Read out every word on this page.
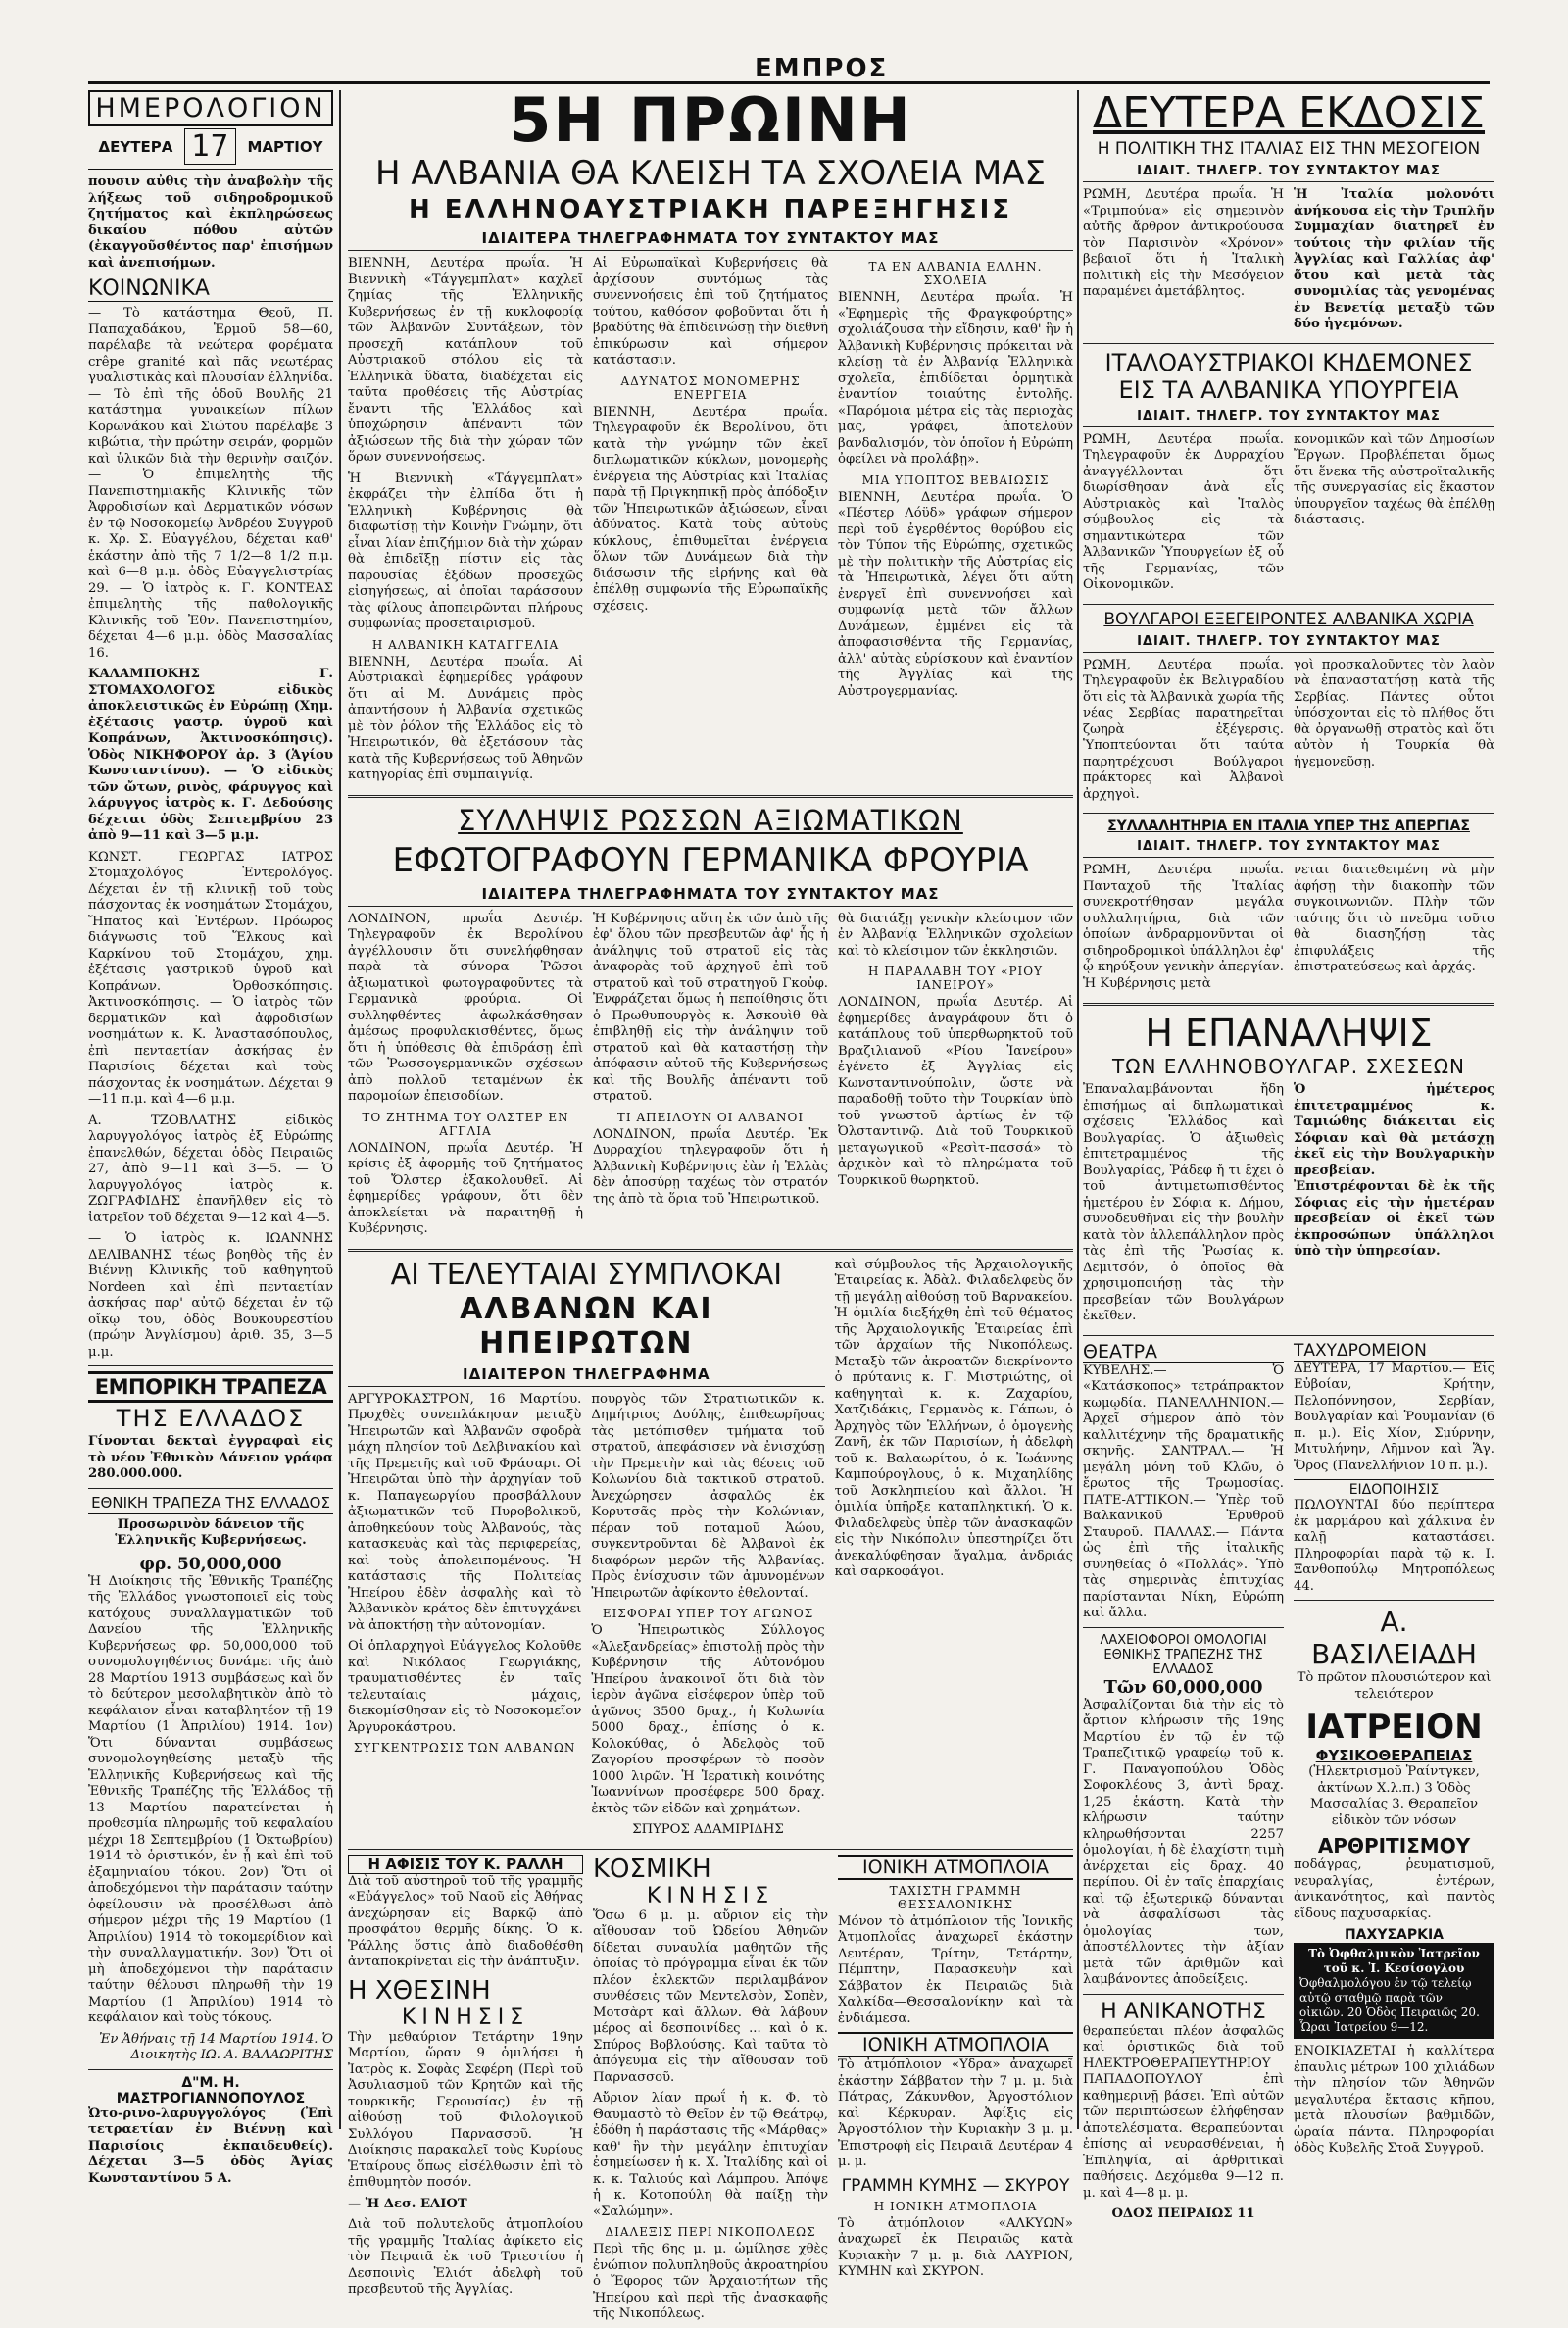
ΕΜΠΡΟΣ
ΗΜΕΡΟΛΟΓΙΟΝ
ΔΕΥΤΕΡΑ 17	ΜΑΡΤΙΟΥ
πουσιν αὐθις τὴν ἀναβολὴν τῆς λήξεως τοῦ σιδηροδρομικοῦ ζητήματος καὶ ἐκπληρώσεως δικαίου πόθου αὐτῶν (ἐκαγγοῦσθέντος παρ' ἐπισήμων καὶ ἀνεπισήμων.
ΚΟΙΝΩΝΙΚΑ
— Τὸ κατάστημα Θεοῦ, Π. Παπαχαδάκου, Ἑρμοῦ 58—60, παρέλαβε τὰ νεώτερα φορέματα crêpe granité καὶ πᾶς νεωτέρας γυαλιστικὰς καὶ πλουσίαν ἐλληνίδα. — Τὸ ἐπὶ τῆς ὁδοῦ Βουλῆς 21 κατάστημα γυναικείων πίλων Κορωνάκου καὶ Σιώτου παρέλαβε 3 κιβώτια, τὴν πρώτην σειράν, φορμῶν καὶ ὑλικῶν διὰ τὴν θερινὴν σαιζόν. — Ὁ ἐπιμελητὴς τῆς Πανεπιστημιακῆς Κλινικῆς τῶν Ἀφροδισίων καὶ Δερματικῶν νόσων ἐν τῷ Νοσοκομείῳ Ἀνδρέου Συγγροῦ κ. Χρ. Σ. Εὐαγγέλου, δέχεται καθ' ἑκάστην ἀπὸ τῆς 7 1/2—8 1/2 π.μ. καὶ 6—8 μ.μ. ὁδὸς Εὐαγγελιστρίας 29. — Ὁ ἰατρὸς κ. Γ. ΚΟΝΤΕΑΣ ἐπιμελητὴς τῆς παθολογικῆς Κλινικῆς τοῦ Ἐθν. Πανεπιστημίου, δέχεται 4—6 μ.μ. ὁδὸς Μασσαλίας 16.
ΚΑΛΑΜΠΟΚΗΣ Γ. ΣΤΟΜΑΧΟΛΟΓΟΣ εἰδικὸς ἀποκλειστικῶς ἐν Εὐρώπῃ (Χημ. ἐξέτασις γαστρ. ὑγροῦ καὶ Κοπράνων, Ἀκτινοσκόπησις). Ὁδὸς ΝΙΚΗΦΟΡΟΥ ἀρ. 3 (Ἁγίου Κωνσταντίνου). — Ὁ εἰδικὸς τῶν ὤτων, ρινὸς, φάρυγγος καὶ λάρυγγος ἰατρὸς κ. Γ. Δεδούσης δέχεται ὁδὸς Σεπτεμβρίου 23 ἀπὸ 9—11 καὶ 3—5 μ.μ.
ΚΩΝΣΤ. ΓΕΩΡΓΑΣ ΙΑΤΡΟΣ Στομαχολόγος Ἐντερολόγος. Δέχεται ἐν τῇ κλινικῇ τοῦ τοὺς πάσχοντας ἐκ νοσημάτων Στομάχου, Ἥπατος καὶ Ἐντέρων. Πρόωρος διάγνωσις τοῦ Ἕλκους καὶ Καρκίνου τοῦ Στομάχου, χημ. ἐξέτασις γαστρικοῦ ὑγροῦ καὶ Κοπράνων. Ὀρθοσκόπησις. Ἀκτινοσκόπησις. — Ὁ ἰατρὸς τῶν δερματικῶν καὶ ἀφροδισίων νοσημάτων κ. Κ. Ἀναστασόπουλος, ἐπὶ πενταετίαν ἀσκήσας ἐν Παρισίοις δέχεται καὶ τοὺς πάσχοντας ἐκ νοσημάτων. Δέχεται 9—11 π.μ. καὶ 4—6 μ.μ.
Α. ΤΖΟΒΛΑΤΗΣ εἰδικὸς λαρυγγολόγος ἰατρὸς ἐξ Εὐρώπης ἐπανελθών, δέχεται ὁδὸς Πειραιῶς 27, ἀπὸ 9—11 καὶ 3—5. — Ὁ λαρυγγολόγος ἰατρὸς κ. ΖΩΓΡΑΦΙΔΗΣ ἐπανῆλθεν εἰς τὸ ἰατρεῖον τοῦ δέχεται 9—12 καὶ 4—5.
— Ὁ ἰατρὸς κ. ΙΩΑΝΝΗΣ ΔΕΛΙΒΑΝΗΣ τέως βοηθὸς τῆς ἐν Βιέννῃ Κλινικῆς τοῦ καθηγητοῦ Nordeen καὶ ἐπὶ πενταετίαν ἀσκήσας παρ' αὐτῷ δέχεται ἐν τῷ οἴκῳ του, ὁδὸς Βουκουρεστίου (πρώην Ἀνγλίσμου) ἀριθ. 35, 3—5 μ.μ.
ΕΜΠΟΡΙΚΗ ΤΡΑΠΕΖΑ
ΤΗΣ ΕΛΛΑΔΟΣ
Γίνονται δεκταὶ ἐγγραφαὶ εἰς τὸ νέον Ἐθνικὸν Δάνειον γράφα 280.000.000.
ΕΘΝΙΚΗ ΤΡΑΠΕΖΑ ΤΗΣ ΕΛΛΑΔΟΣ
Προσωρινὸν δάνειον τῆς Ἑλληνικῆς Κυβερνήσεως.
φρ. 50,000,000
Ἡ Διοίκησις τῆς Ἐθνικῆς Τραπέζης τῆς Ἑλλάδος γνωστοποιεῖ εἰς τοὺς κατόχους συναλλαγματικῶν τοῦ Δανείου τῆς Ἑλληνικῆς Κυβερνήσεως φρ. 50,000,000 τοῦ συνομολογηθέντος δυνάμει τῆς ἀπὸ 28 Μαρτίου 1913 συμβάσεως καὶ ὅν τὸ δεύτερον μεσολαβητικὸν ἀπὸ τὸ κεφάλαιον εἶναι καταβλητέον τῇ 19 Μαρτίου (1 Ἀπριλίου) 1914. 1ον) Ὅτι δύνανται συμβάσεως συνομολογηθείσης μεταξὺ τῆς Ἑλληνικῆς Κυβερνήσεως καὶ τῆς Ἐθνικῆς Τραπέζης τῆς Ἑλλάδος τῇ 13 Μαρτίου παρατείνεται ἡ προθεσμία πληρωμῆς τοῦ κεφαλαίου μέχρι 18 Σεπτεμβρίου (1 Ὀκτωβρίου) 1914 τὸ ὁριστικόν, ἐν ᾗ καὶ ἐπὶ τοῦ ἐξαμηνιαίου τόκου. 2ον) Ὅτι οἱ ἀποδεχόμενοι τὴν παράτασιν ταύτην ὀφείλουσιν νὰ προσέλθωσι ἀπὸ σήμερον μέχρι τῆς 19 Μαρτίου (1 Ἀπριλίου) 1914 τὸ τοκομερίδιον καὶ τὴν συναλλαγματικήν. 3ον) Ὅτι οἱ μὴ ἀποδεχόμενοι τὴν παράτασιν ταύτην θέλουσι πληρωθῆ τὴν 19 Μαρτίου (1 Ἀπριλίου) 1914 τὸ κεφάλαιον καὶ τοὺς τόκους.
Ἐν Ἀθήναις τῇ 14 Μαρτίου 1914. Ὁ Διοικητὴς ΙΩ. Α. ΒΑΛΑΩΡΙΤΗΣ
Δ"Μ. Η. ΜΑΣΤΡΟΓΙΑΝΝΟΠΟΥΛΟΣ
Ὠτο-ρινο-λαρυγγολόγος (Ἐπὶ τετραετίαν ἐν Βιέννῃ καὶ Παρισίοις ἐκπαιδευθείς). Δέχεται 3—5 ὁδὸς Ἀγίας Κωνσταντίνου 5 Α.
5Η ΠΡΩΙΝΗ
Η ΑΛΒΑΝΙΑ ΘΑ ΚΛΕΙΣΗ ΤΑ ΣΧΟΛΕΙΑ ΜΑΣ
Η ΕΛΛΗΝΟΑΥΣΤΡΙΑΚΗ ΠΑΡΕΞΗΓΗΣΙΣ
ΙΔΙΑΙΤΕΡΑ ΤΗΛΕΓΡΑΦΗΜΑΤΑ ΤΟΥ ΣΥΝΤΑΚΤΟΥ ΜΑΣ
ΒΙΕΝΝΗ, Δευτέρα πρωΐα. Ἡ Βιεννικὴ «Τάγγεμπλατ» καχλεῖ ζημίας τῆς Ἑλληνικῆς Κυβερνήσεως ἐν τῇ κυκλοφορίᾳ τῶν Ἀλβανῶν Συντάξεων, τὸν προσεχῆ κατάπλουν τοῦ Αὐστριακοῦ στόλου εἰς τὰ Ἑλληνικὰ ὕδατα, διαδέχεται εἰς ταῦτα προθέσεις τῆς Αὐστρίας ἔναντι τῆς Ἑλλάδος καὶ ὑποχώρησιν ἀπέναντι τῶν ἀξιώσεων τῆς διὰ τὴν χώραν τῶν ὅρων συνεννοήσεως.
Ἡ Βιεννικὴ «Τάγγεμπλατ» ἐκφράζει τὴν ἐλπίδα ὅτι ἡ Ἑλληνικὴ Κυβέρνησις θὰ διαφωτίσῃ τὴν Κοινὴν Γνώμην, ὅτι εἶναι λίαν ἐπιζήμιον διὰ τὴν χώραν θὰ ἐπιδεῖξῃ πίστιν εἰς τὰς παρουσίας ἐξόδων προσεχῶς εἰσηγήσεως, αἱ ὁποῖαι ταράσσουν τὰς φίλους ἀποπειρῶνται πλήρους συμφωνίας προσεταιρισμοῦ.
Η ΑΛΒΑΝΙΚΗ ΚΑΤΑΓΓΕΛΙΑ
ΒΙΕΝΝΗ, Δευτέρα πρωΐα. Αἱ Αὐστριακαὶ ἐφημερίδες γράφουν ὅτι αἱ Μ. Δυνάμεις πρὸς ἀπαντήσουν ἡ Ἀλβανία σχετικῶς μὲ τὸν ῥόλον τῆς Ἑλλάδος εἰς τὸ Ἠπειρωτικόν, θὰ ἐξετάσουν τὰς κατὰ τῆς Κυβερνήσεως τοῦ Ἀθηνῶν κατηγορίας ἐπὶ συμπαιγνίᾳ.
Αἱ Εὐρωπαϊκαὶ Κυβερνήσεις θὰ ἀρχίσουν συντόμως τὰς συνεννοήσεις ἐπὶ τοῦ ζητήματος τούτου, καθόσον φοβοῦνται ὅτι ἡ βραδύτης θὰ ἐπιδεινώσῃ τὴν διεθνῆ ἐπικύρωσιν καὶ σήμερον κατάστασιν.
ΑΔΥΝΑΤΟΣ ΜΟΝΟΜΕΡΗΣ ΕΝΕΡΓΕΙΑ
ΒΙΕΝΝΗ, Δευτέρα πρωΐα. Τηλεγραφοῦν ἐκ Βερολίνου, ὅτι κατὰ τὴν γνώμην τῶν ἐκεῖ διπλωματικῶν κύκλων, μονομερὴς ἐνέργεια τῆς Αὐστρίας καὶ Ἰταλίας παρὰ τῇ Πριγκηπικῇ πρὸς ἀπόδοξιν τῶν Ἠπειρωτικῶν ἀξιώσεων, εἶναι ἀδύνατος. Κατὰ τοὺς αὐτοὺς κύκλους, ἐπιθυμεῖται ἐνέργεια ὅλων τῶν Δυνάμεων διὰ τὴν διάσωσιν τῆς εἰρήνης καὶ θὰ ἐπέλθῃ συμφωνία τῆς Εὐρωπαϊκῆς σχέσεις.
ΤΑ ΕΝ ΑΛΒΑΝΙΑ ΕΛΛΗΝ. ΣΧΟΛΕΙΑ
ΒΙΕΝΝΗ, Δευτέρα πρωΐα. Ἡ «Ἐφημερὶς τῆς Φραγκφούρτης» σχολιάζουσα τὴν εἴδησιν, καθ' ἣν ἡ Ἀλβανικὴ Κυβέρνησις πρόκειται νὰ κλείσῃ τὰ ἐν Ἀλβανίᾳ Ἑλληνικὰ σχολεῖα, ἐπιδίδεται ὁρμητικὰ ἐναντίον τοιαύτης ἐντολῆς. «Παρόμοια μέτρα εἰς τὰς περιοχὰς μας, γράφει, ἀποτελοῦν βανδαλισμόν, τὸν ὁποῖον ἡ Εὐρώπη ὀφείλει νὰ προλάβῃ».
ΜΙΑ ΥΠΟΠΤΟΣ ΒΕΒΑΙΩΣΙΣ
ΒΙΕΝΝΗ, Δευτέρα πρωΐα. Ὁ «Πέστερ Λόϋδ» γράφων σήμερον περὶ τοῦ ἐγερθέντος θορύβου εἰς τὸν Τύπον τῆς Εὐρώπης, σχετικῶς μὲ τὴν πολιτικὴν τῆς Αὐστρίας εἰς τὰ Ἠπειρωτικὰ, λέγει ὅτι αὕτη ἐνεργεῖ ἐπὶ συνεννοήσει καὶ συμφωνίᾳ μετὰ τῶν ἄλλων Δυνάμεων, ἐμμένει εἰς τὰ ἀποφασισθέντα τῆς Γερμανίας, ἀλλ' αὐτὰς εὑρίσκουν καὶ ἐναντίον τῆς Ἀγγλίας καὶ τῆς Αὐστρογερμανίας.
ΣΥΛΛΗΨΙΣ ΡΩΣΣΩΝ ΑΞΙΩΜΑΤΙΚΩΝ
ΕΦΩΤΟΓΡΑΦΟΥΝ ΓΕΡΜΑΝΙΚΑ ΦΡΟΥΡΙΑ
ΙΔΙΑΙΤΕΡΑ ΤΗΛΕΓΡΑΦΗΜΑΤΑ ΤΟΥ ΣΥΝΤΑΚΤΟΥ ΜΑΣ
ΛΟΝΔΙΝΟΝ, πρωΐα Δευτέρ. Τηλεγραφοῦν ἐκ Βερολίνου ἀγγέλλουσιν ὅτι συνελήφθησαν παρὰ τὰ σύνορα Ῥῶσοι ἀξιωματικοὶ φωτογραφοῦντες τὰ Γερμανικὰ φρούρια. Οἱ συλληφθέντες ἀφωλκάσθησαν ἀμέσως προφυλακισθέντες, ὅμως ὅτι ἡ ὑπόθεσις θὰ ἐπιδράσῃ ἐπὶ τῶν Ῥωσσογερμανικῶν σχέσεων ἀπὸ πολλοῦ τεταμένων ἐκ παρομοίων ἐπεισοδίων.
ΤΟ ΖΗΤΗΜΑ ΤΟΥ ΟΛΣΤΕΡ ΕΝ ΑΓΓΛΙΑ
ΛΟΝΔΙΝΟΝ, πρωΐα Δευτέρ. Ἡ κρίσις ἐξ ἀφορμῆς τοῦ ζητήματος τοῦ Ὄλστερ ἐξακολουθεῖ. Αἱ ἐφημερίδες γράφουν, ὅτι δὲν ἀποκλείεται νὰ παραιτηθῇ ἡ Κυβέρνησις.
Ἡ Κυβέρνησις αὕτη ἐκ τῶν ἀπὸ τῆς ἐφ' ὅλου τῶν πρεσβευτῶν ἀφ' ἧς ἡ ἀνάληψις τοῦ στρατοῦ εἰς τὰς ἀναφορὰς τοῦ ἀρχηγοῦ ἐπὶ τοῦ στρατοῦ καὶ τοῦ στρατηγοῦ Γκοὐφ. Ἐνφράζεται ὅμως ἡ πεποίθησις ὅτι ὁ Πρωθυπουργὸς κ. Ἀσκουὶθ θὰ ἐπιβληθῇ εἰς τὴν ἀνάληψιν τοῦ στρατοῦ καὶ θὰ καταστήσῃ τὴν ἀπόφασιν αὐτοῦ τῆς Κυβερνήσεως καὶ τῆς Βουλῆς ἀπέναντι τοῦ στρατοῦ.
ΤΙ ΑΠΕΙΛΟΥΝ ΟΙ ΑΛΒΑΝΟΙ
ΛΟΝΔΙΝΟΝ, πρωΐα Δευτέρ. Ἐκ Δυρραχίου τηλεγραφοῦν ὅτι ἡ Ἀλβανικὴ Κυβέρνησις ἐὰν ἡ Ἑλλὰς δὲν ἀποσύρῃ ταχέως τὸν στρατόν της ἀπὸ τὰ ὅρια τοῦ Ἠπειρωτικοῦ.
θὰ διατάξῃ γενικὴν κλείσιμον τῶν ἐν Ἀλβανίᾳ Ἑλληνικῶν σχολείων καὶ τὸ κλείσιμον τῶν ἐκκλησιῶν.
Η ΠΑΡΑΛΑΒΗ ΤΟΥ «ΡΙΟΥ ΙΑΝΕΙΡΟΥ»
ΛΟΝΔΙΝΟΝ, πρωΐα Δευτέρ. Αἱ ἐφημερίδες ἀναγράφουν ὅτι ὁ κατάπλους τοῦ ὑπερθωρηκτοῦ τοῦ Βραζιλιανοῦ «Ρίου Ἰανείρου» ἐγένετο ἐξ Ἀγγλίας εἰς Κωνσταντινούπολιν, ὥστε νὰ παραδοθῇ τοῦτο τὴν Τουρκίαν ὑπὸ τοῦ γνωστοῦ ἀρτίως ἐν τῷ Ὀλσταντινῷ. Διὰ τοῦ Τουρκικοῦ μεταγωγικοῦ «Ρεσὶτ-πασσά» τὸ ἀρχικὸν καὶ τὸ πληρώματα τοῦ Τουρκικοῦ θωρηκτοῦ.
ΑΙ ΤΕΛΕΥΤΑΙΑΙ ΣΥΜΠΛΟΚΑΙ
ΑΛΒΑΝΩΝ ΚΑΙ ΗΠΕΙΡΩΤΩΝ
ΙΔΙΑΙΤΕΡΟΝ ΤΗΛΕΓΡΑΦΗΜΑ
ΑΡΓΥΡΟΚΑΣΤΡΟΝ, 16 Μαρτίου. Προχθὲς συνεπλάκησαν μεταξὺ Ἠπειρωτῶν καὶ Ἀλβανῶν σφοδρὰ μάχη πλησίον τοῦ Δελβινακίου καὶ τῆς Πρεμετῆς καὶ τοῦ Φράσαρι. Οἱ Ἠπειρῶται ὑπὸ τὴν ἀρχηγίαν τοῦ κ. Παπαγεωργίου προσβάλλουν ἀξιωματικῶν τοῦ Πυροβολικοῦ, ἀποθηκεύουν τοὺς Ἀλβανούς, τὰς κατασκευὰς καὶ τὰς περιφερείας, καὶ τοὺς ἀπολειπομένους. Ἡ κατάστασις τῆς Πολιτείας Ἠπείρου ἐδὲν ἀσφαλὴς καὶ τὸ Ἀλβανικὸν κράτος δὲν ἐπιτυγχάνει νὰ ἀποκτήσῃ τὴν αὐτονομίαν.
Οἱ ὁπλαρχηγοὶ Εὐάγγελος Κολοῦθε καὶ Νικόλαος Γεωργιάκης, τραυματισθέντες ἐν ταῖς τελευταίαις μάχαις, διεκομίσθησαν εἰς τὸ Νοσοκομεῖον Ἀργυροκάστρου.
ΣΥΓΚΕΝΤΡΩΣΙΣ ΤΩΝ ΑΛΒΑΝΩΝ
πουργὸς τῶν Στρατιωτικῶν κ. Δημήτριος Δούλης, ἐπιθεωρῆσας τὰς μετόπισθεν τμήματα τοῦ στρατοῦ, ἀπεφάσισεν νὰ ἐνισχύσῃ τὴν Πρεμετὴν καὶ τὰς θέσεις τοῦ Κολωνίου διὰ τακτικοῦ στρατοῦ. Ἀνεχώρησεν ἀσφαλῶς ἐκ Κορυτσᾶς πρὸς τὴν Κολώνιαν, πέραν τοῦ ποταμοῦ Ἀώου, συγκεντροῦνται δὲ Ἀλβανοὶ ἐκ διαφόρων μερῶν τῆς Ἀλβανίας. Πρὸς ἐνίσχυσιν τῶν ἀμυνομένων Ἠπειρωτῶν ἀφίκοντο ἐθελονταί.
ΕΙΣΦΟΡΑΙ ΥΠΕΡ ΤΟΥ ΑΓΩΝΟΣ
Ὁ Ἠπειρωτικὸς Σύλλογος «Ἀλεξανδρείας» ἐπιστολῇ πρὸς τὴν Κυβέρνησιν τῆς Αὐτονόμου Ἠπείρου ἀνακοινοῖ ὅτι διὰ τὸν ἱερὸν ἀγῶνα εἰσέφερον ὑπὲρ τοῦ ἀγῶνος 3500 δραχ., ἡ Κολωνία 5000 δραχ., ἐπίσης ὁ κ. Κολοκύθας, ὁ Ἀδελφὸς τοῦ Ζαγορίου προσφέρων τὸ ποσὸν 1000 λιρῶν. Ἡ Ἱερατικὴ κοινότης Ἰωαννίνων προσέφερε 500 δραχ. ἐκτὸς τῶν εἰδῶν καὶ χρημάτων.
ΣΠΥΡΟΣ ΑΔΑΜΙΡΙΔΗΣ
καὶ σύμβουλος τῆς Ἀρχαιολογικῆς Ἑταιρείας κ. Ἀδὰλ. Φιλαδελφεὺς ὅν τῇ μεγάλῃ αἰθούσῃ τοῦ Βαρνακείου. Ἡ ὁμιλία διεξήχθη ἐπὶ τοῦ θέματος τῆς Ἀρχαιολογικῆς Ἑταιρείας ἐπὶ τῶν ἀρχαίων τῆς Νικοπόλεως. Μεταξὺ τῶν ἀκροατῶν διεκρίνοντο ὁ πρύτανις κ. Γ. Μιστριώτης, οἱ καθηγηταὶ κ. κ. Ζαχαρίου, Χατζιδάκις, Γερμανὸς κ. Γάπων, ὁ Ἀρχηγὸς τῶν Ἑλλήνων, ὁ ὁμογενὴς Ζανῆ, ἐκ τῶν Παρισίων, ἡ ἀδελφὴ τοῦ κ. Βαλαωρίτου, ὁ κ. Ἰωάννης Καμπούρογλους, ὁ κ. Μιχαηλίδης τοῦ Ἀσκληπιείου καὶ ἄλλοι. Ἡ ὁμιλία ὑπῆρξε καταπληκτική. Ὁ κ. Φιλαδελφεὺς ὑπὲρ τῶν ἀνασκαφῶν εἰς τὴν Νικόπολιν ὑπεστηρίζει ὅτι ἀνεκαλύφθησαν ἄγαλμα, ἀνδριάς καὶ σαρκοφάγοι.
Η ΑΦΙΣΙΣ ΤΟΥ Κ. ΡΑΛΛΗ
Διὰ τοῦ αὐστηροῦ τοῦ τῆς γραμμῆς «Εὐάγγελος» τοῦ Ναοῦ εἰς Ἀθήνας ἀνεχώρησαν εἰς Βαρκῷ ἀπὸ προσφάτου θερμῆς δίκης. Ὁ κ. Ῥάλλης ὅστις ἀπὸ διαδοθέσθη ἀνταποκρίνεται εἰς τὴν ἀνάπτυξιν.
Η ΧΘΕΣΙΝΗ
ΚΙΝΗΣΙΣ
Τὴν μεθαύριον Τετάρτην 19ην Μαρτίου, ὥραν 9 ὁμιλήσει ἡ Ἰατρὸς κ. Σοφὰς Σεφέρη (Περὶ τοῦ Ἀσυλιασμοῦ τῶν Κρητῶν καὶ τῆς τουρκικῆς Γερουσίας) ἐν τῇ αἰθούσῃ τοῦ Φιλολογικοῦ Συλλόγου Παρνασσοῦ. Ἡ Διοίκησις παρακαλεῖ τοὺς Κυρίους Ἑταίρους ὅπως εἰσέλθωσιν ἐπὶ τὸ ἐπιθυμητὸν ποσόν.
— Ἡ Δεσ. ΕΛΙΟΤ
Διὰ τοῦ πολυτελοῦς ἀτμοπλοίου τῆς γραμμῆς Ἰταλίας ἀφίκετο εἰς τὸν Πειραιᾶ ἐκ τοῦ Τριεστίου ἡ Δεσποινὶς Ἐλιότ ἀδελφὴ τοῦ πρεσβευτοῦ τῆς Ἀγγλίας.
ΚΟΣΜΙΚΗ
ΚΙΝΗΣΙΣ
Ὅσω 6 μ. μ. αὔριον εἰς τὴν αἴθουσαν τοῦ Ὠδείου Ἀθηνῶν δίδεται συναυλία μαθητῶν τῆς ὁποίας τὸ πρόγραμμα εἶναι ἐκ τῶν πλέον ἐκλεκτῶν περιλαμβάνον συνθέσεις τῶν Μεντελσὸν, Σοπὲν, Μοτσὰρτ καὶ ἄλλων. Θὰ λάβουν μέρος αἱ δεσποινίδες ... καὶ ὁ κ. Σπύρος Βοβλούσης. Καὶ ταῦτα τὸ ἀπόγευμα εἰς τὴν αἴθουσαν τοῦ Παρνασσοῦ.
Αὔριον λίαν πρωΐ ἡ κ. Φ. τὸ Θαυμαστὸ τὸ Θεῖον ἐν τῷ Θεάτρῳ, ἐδόθη ἡ παράστασις τῆς «Μάρθας» καθ' ἣν τὴν μεγάλην ἐπιτυχίαν ἐσημείωσεν ἡ κ. Χ. Ἰταλίδης καὶ οἱ κ. κ. Ταλιούς καὶ Λάμπρου. Ἀπόψε ἡ κ. Κοτοπούλη θὰ παίξῃ τὴν «Σαλώμην».
ΔΙΑΛΕΞΙΣ ΠΕΡΙ ΝΙΚΟΠΟΛΕΩΣ
Περὶ τῆς 6ης μ. μ. ὡμίλησε χθὲς ἐνώπιον πολυπληθοῦς ἀκροατηρίου ὁ Ἔφορος τῶν Ἀρχαιοτήτων τῆς Ἠπείρου καὶ περὶ τῆς ἀνασκαφῆς τῆς Νικοπόλεως.
ΙΟΝΙΚΗ ΑΤΜΟΠΛΟΙΑ
ΤΑΧΙΣΤΗ ΓΡΑΜΜΗ ΘΕΣΣΑΛΟΝΙΚΗΣ
Μόνον τὸ ἀτμόπλοιον τῆς Ἰονικῆς Ἀτμοπλοΐας ἀναχωρεῖ ἑκάστην Δευτέραν, Τρίτην, Τετάρτην, Πέμπτην, Παρασκευὴν καὶ Σάββατον ἐκ Πειραιῶς διὰ Χαλκίδα—Θεσσαλονίκην καὶ τὰ ἐνδιάμεσα.
ΙΟΝΙΚΗ ΑΤΜΟΠΛΟΙΑ
Τὸ ἀτμόπλοιον «Υδρα» ἀναχωρεῖ ἑκάστην Σάββατον τὴν 7 μ. μ. διὰ Πάτρας, Ζάκυνθον, Ἀργοστόλιον καὶ Κέρκυραν. Ἀφίξις εἰς Ἀργοστόλιον τὴν Κυριακὴν 3 μ. μ. Ἐπιστροφὴ εἰς Πειραιᾶ Δευτέραν 4 μ. μ.
ΓΡΑΜΜΗ ΚΥΜΗΣ — ΣΚΥΡΟΥ
Η ΙΟΝΙΚΗ ΑΤΜΟΠΛΟΙΑ
Τὸ ἀτμόπλοιον «ΑΛΚΥΩΝ» ἀναχωρεῖ ἐκ Πειραιῶς κατὰ Κυριακὴν 7 μ. μ. διὰ ΛΑΥΡΙΟΝ, ΚΥΜΗΝ καὶ ΣΚΥΡΟΝ.
ΔΕΥΤΕΡΑ ΕΚΔΟΣΙΣ
Η ΠΟΛΙΤΙΚΗ ΤΗΣ ΙΤΑΛΙΑΣ ΕΙΣ ΤΗΝ ΜΕΣΟΓΕΙΟΝ
ΙΔΙΑΙΤ. ΤΗΛΕΓΡ. ΤΟΥ ΣΥΝΤΑΚΤΟΥ ΜΑΣ
ΡΩΜΗ, Δευτέρα πρωΐα. Ἡ «Τριμπούνα» εἰς σημερινὸν αὐτῆς ἄρθρον ἀντικρούουσα τὸν Παρισινὸν «Χρόνον» βεβαιοῖ ὅτι ἡ Ἰταλικὴ πολιτικὴ εἰς τὴν Μεσόγειον παραμένει ἀμετάβλητος.
Ἡ Ἰταλία μολονότι ἀνήκουσα εἰς τὴν Τριπλῆν Συμμαχίαν διατηρεῖ ἐν τούτοις τὴν φιλίαν τῆς Ἀγγλίας καὶ Γαλλίας ἀφ' ὅτου καὶ μετὰ τὰς συνομιλίας τὰς γενομένας ἐν Βενετίᾳ μεταξὺ τῶν δύο ἡγεμόνων.
ΙΤΑΛΟΑΥΣΤΡΙΑΚΟΙ ΚΗΔΕΜΟΝΕΣ
ΕΙΣ ΤΑ ΑΛΒΑΝΙΚΑ ΥΠΟΥΡΓΕΙΑ
ΙΔΙΑΙΤ. ΤΗΛΕΓΡ. ΤΟΥ ΣΥΝΤΑΚΤΟΥ ΜΑΣ
ΡΩΜΗ, Δευτέρα πρωΐα. Τηλεγραφοῦν ἐκ Δυρραχίου ἀναγγέλλονται ὅτι διωρίσθησαν ἀνὰ εἷς Αὐστριακὸς καὶ Ἰταλὸς σύμβουλος εἰς τὰ σημαντικώτερα τῶν Ἀλβανικῶν Ὑπουργείων ἐξ οὗ τῆς Γερμανίας, τῶν Οἰκονομικῶν.
κονομικῶν καὶ τῶν Δημοσίων Ἔργων. Προβλέπεται ὅμως ὅτι ἕνεκα τῆς αὐστροϊταλικῆς τῆς συνεργασίας εἰς ἕκαστον ὑπουργεῖον ταχέως θὰ ἐπέλθῃ διάστασις.
ΒΟΥΛΓΑΡΟΙ ΕΞΕΓΕΙΡΟΝΤΕΣ ΑΛΒΑΝΙΚΑ ΧΩΡΙΑ
ΙΔΙΑΙΤ. ΤΗΛΕΓΡ. ΤΟΥ ΣΥΝΤΑΚΤΟΥ ΜΑΣ
ΡΩΜΗ, Δευτέρα πρωΐα. Τηλεγραφοῦν ἐκ Βελιγραδίου ὅτι εἰς τὰ Ἀλβανικὰ χωρία τῆς νέας Σερβίας παρατηρεῖται ζωηρὰ ἐξέγερσις. Ὑποπτεύονται ὅτι ταύτα παρητρέχουσι Βούλγαροι πράκτορες καὶ Ἀλβανοὶ ἀρχηγοὶ.
γοὶ προσκαλοῦντες τὸν λαὸν νὰ ἐπαναστατήσῃ κατὰ τῆς Σερβίας. Πάντες οὗτοι ὑπόσχονται εἰς τὸ πλήθος ὅτι θὰ ὀργανωθῇ στρατὸς καὶ ὅτι αὐτὸν ἡ Τουρκία θὰ ἡγεμονεῦσῃ.
ΣΥΛΛΑΛΗΤΗΡΙΑ ΕΝ ΙΤΑΛΙΑ ΥΠΕΡ ΤΗΣ ΑΠΕΡΓΙΑΣ
ΙΔΙΑΙΤ. ΤΗΛΕΓΡ. ΤΟΥ ΣΥΝΤΑΚΤΟΥ ΜΑΣ
ΡΩΜΗ, Δευτέρα πρωΐα. Πανταχοῦ τῆς Ἰταλίας συνεκροτήθησαν μεγάλα συλλαλητήρια, διὰ τῶν ὁποίων ἀνδραρμονῦνται οἱ σιδηροδρομικοὶ ὑπάλληλοι ἐφ' ᾧ κηρύξουν γενικὴν ἀπεργίαν. Ἡ Κυβέρνησις μετὰ
νεται διατεθειμένη νὰ μὴν ἀφήσῃ τὴν διακοπὴν τῶν συγκοινωνιῶν. Πλὴν τῶν ταύτης ὅτι τὸ πνεῦμα τοῦτο θὰ διασηζήσῃ τὰς ἐπιφυλάξεις τῆς ἐπιστρατεύσεως καὶ ἀρχάς.
Η ΕΠΑΝΑΛΗΨΙΣ
ΤΩΝ ΕΛΛΗΝΟΒΟΥΛΓΑΡ. ΣΧΕΣΕΩΝ
Ἐπαναλαμβάνονται ἤδη ἐπισήμως αἱ διπλωματικαὶ σχέσεις Ἑλλάδος καὶ Βουλγαρίας. Ὁ ἀξιωθεὶς ἐπιτετραμμένος τῆς Βουλγαρίας, Ῥάδεφ ἤ τι ἔχει ὁ τοῦ ἀντιμετωπισθέντος ἡμετέρου ἐν Σόφια κ. Δήμου, συνοδευθῆναι εἰς τὴν βουλὴν κατὰ τὸν ἀλλεπάλληλον πρὸς τὰς ἐπὶ τῆς Ῥωσίας κ. Δεμιτσόν, ὁ ὁποῖος θὰ χρησιμοποιήσῃ τὰς τὴν πρεσβείαν τῶν Βουλγάρων ἐκεῖθεν.
Ὁ ἡμέτερος ἐπιτετραμμένος κ. Ταμιώθης διάκειται εἰς Σόφιαν καὶ θὰ μετάσχῃ ἐκεῖ εἰς τὴν Βουλγαρικὴν πρεσβείαν. Ἐπιστρέφονται δὲ ἐκ τῆς Σόφιας εἰς τὴν ἡμετέραν πρεσβείαν οἱ ἐκεῖ τῶν ἐκπροσώπων ὑπάλληλοι ὑπὸ τὴν ὑπηρεσίαν.
ΘΕΑΤΡΑ
ΚΥΒΕΛΗΣ.— Ὁ «Κατάσκοπος» τετράπρακτον κωμῳδία. ΠΑΝΕΛΛΗΝΙΟΝ.— Ἀρχεῖ σήμερον ἀπὸ τὸν καλλιτέχνην τῆς δραματικῆς σκηνῆς. ΣΑΝΤΡΑΛ.— Ἡ μεγάλη μόνη τοῦ Κλῶυ, ὁ ἔρωτος τῆς Τρωμοσίας. ΠΑΤΕ-ΑΤΤΙΚΟΝ.— Ὑπὲρ τοῦ Βαλκανικοῦ Ἐρυθροῦ Σταυροῦ. ΠΑΛΛΑΣ.— Πάντα ὡς ἐπὶ τῆς ἰταλικῆς συνηθείας ὁ «Πολλάς». Ὑπὸ τὰς σημερινὰς ἐπιτυχίας παρίστανται Νίκη, Εὐρώπη καὶ ἄλλα.
ΛΑΧΕΙΟΦΟΡΟΙ ΟΜΟΛΟΓΙΑΙ
ΕΘΝΙΚΗΣ ΤΡΑΠΕΖΗΣ ΤΗΣ ΕΛΛΑΔΟΣ
Τῶν 60,000,000
Ἀσφαλίζονται διὰ τὴν εἰς τὸ ἄρτιον κλήρωσιν τῆς 19ης Μαρτίου ἐν τῷ ἐν τῷ Τραπεζιτικῷ γραφείῳ τοῦ κ. Γ. Παναγοπούλου Ὁδὸς Σοφοκλέους 3, ἀντὶ δραχ. 1,25 ἑκάστη. Κατὰ τὴν κλήρωσιν ταύτην κληρωθήσονται 2257 ὁμολογίαι, ἡ δὲ ἐλαχίστη τιμὴ ἀνέρχεται εἰς δραχ. 40 περίπου. Οἱ ἐν ταῖς ἐπαρχίαις καὶ τῷ ἐξωτερικῷ δύνανται νὰ ἀσφαλίσωσι τὰς ὁμολογίας των, ἀποστέλλοντες τὴν ἀξίαν μετὰ τῶν ἀριθμῶν καὶ λαμβάνοντες ἀποδείξεις.
Η ΑΝΙΚΑΝΟΤΗΣ
θεραπεύεται πλέον ἀσφαλῶς καὶ ὁριστικῶς διὰ τοῦ ΗΛΕΚΤΡΟΘΕΡΑΠΕΥΤΗΡΙΟΥ ΠΑΠΑΔΟΠΟΥΛΟΥ ἐπὶ καθημερινῇ βάσει. Ἐπὶ αὐτῶν τῶν περιπτώσεων ἐλήφθησαν ἀποτελέσματα. Θεραπεύονται ἐπίσης αἱ νευρασθένειαι, ἡ Ἐπιληψία, αἱ ἀρθριτικαὶ παθήσεις. Δεχόμεθα 9—12 π. μ. καὶ 4—8 μ. μ.
ΟΔΟΣ ΠΕΙΡΑΙΩΣ 11
ΤΑΧΥΔΡΟΜΕΙΟΝ
ΔΕΥΤΕΡΑ, 17 Μαρτίου.— Εἰς Εὐβοίαν, Κρήτην, Πελοπόννησον, Σερβίαν, Βουλγαρίαν καὶ Ῥουμανίαν (6 π. μ.). Εἰς Χίον, Σμύρνην, Μιτυλήνην, Λῆμνον καὶ Ἅγ. Ὄρος (Πανελλήνιον 10 π. μ.).
ΕΙΔΟΠΟΙΗΣΙΣ
ΠΩΛΟΥΝΤΑΙ δύο περίπτερα ἐκ μαρμάρου καὶ χάλκινα ἐν καλῇ καταστάσει. Πληροφορίαι παρὰ τῷ κ. Ι. Ξανθοπούλῳ Μητροπόλεως 44.
Α. ΒΑΣΙΛΕΙΑΔΗ
Τὸ πρῶτον πλουσιώτερον καὶ τελειότερον
ΙΑΤΡΕΙΟΝ
ΦΥΣΙΚΟΘΕΡΑΠΕΙΑΣ
(Ἡλεκτρισμοῦ Ῥαίντγκεν, ἀκτίνων Χ.λ.π.) 3 Ὁδὸς Μασσαλίας 3. Θεραπεῖον εἰδικὸν τῶν νόσων
ΑΡΘΡΙΤΙΣΜΟΥ
ποδάγρας, ῥευματισμοῦ, νευραλγίας, ἐντέρων, ἀνικανότητος, καὶ παντὸς εἴδους παχυσαρκίας.
ΠΑΧΥΣΑΡΚΙΑ
Τὸ Ὀφθαλμικὸν Ἰατρεῖον τοῦ κ. Ἰ. Κεσίσογλου
Ὀφθαλμολόγου ἐν τῷ τελείῳ αὐτῷ σταθμῷ παρὰ τῶν οἰκιῶν. 20 Ὁδὸς Πειραιῶς 20. Ὧραι Ἰατρείου 9—12.
ΕΝΟΙΚΙΑΖΕΤΑΙ ἡ καλλίτερα ἐπαυλις μέτρων 100 χιλιάδων τὴν πλησίον τῶν Ἀθηνῶν μεγαλυτέρα ἔκτασις κῆπου, μετὰ πλουσίων βαθμιδῶν, ὡραία πάντα. Πληροφορίαι ὁδὸς Κυβελῆς Στοᾶ Συγγροῦ.
